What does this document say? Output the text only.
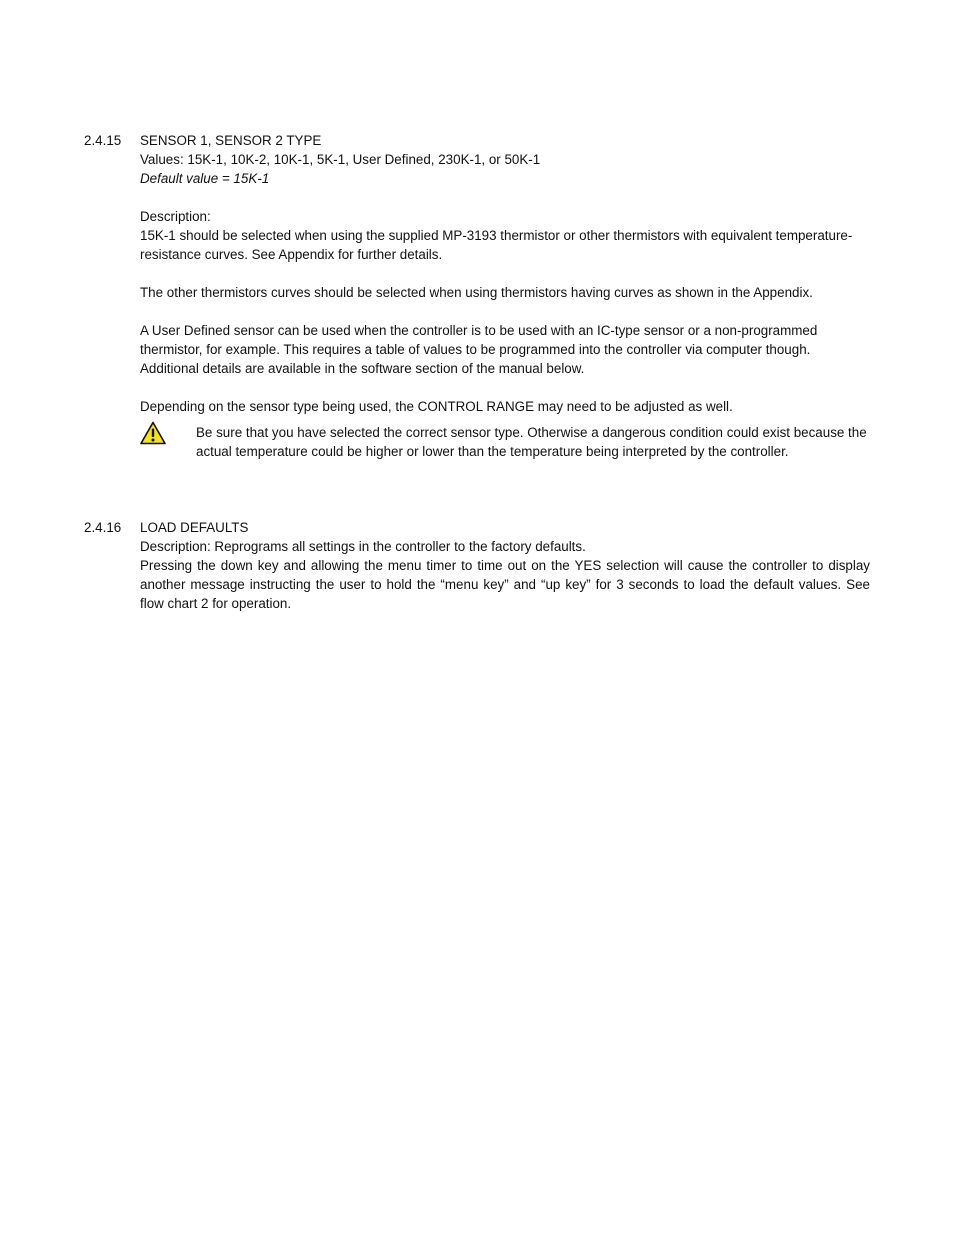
2.4.15	SENSOR 1, SENSOR 2 TYPE
Values: 15K-1, 10K-2, 10K-1, 5K-1, User Defined, 230K-1, or 50K-1
Default value = 15K-1
Description:

15K-1 should be selected when using the supplied MP-3193 thermistor or other thermistors with equivalent temperature-resistance curves. See Appendix for further details.

The other thermistors curves should be selected when using thermistors having curves as shown in the Appendix.

A User Defined sensor can be used when the controller is to be used with an IC-type sensor or a non-programmed thermistor, for example. This requires a table of values to be programmed into the controller via computer though. Additional details are available in the software section of the manual below.

Depending on the sensor type being used, the CONTROL RANGE may need to be adjusted as well.

Be sure that you have selected the correct sensor type. Otherwise a dangerous condition could exist because the actual temperature could be higher or lower than the temperature being interpreted by the controller.
2.4.16	LOAD DEFAULTS
Description: Reprograms all settings in the controller to the factory defaults.

Pressing the down key and allowing the menu timer to time out on the YES selection will cause the controller to display another message instructing the user to hold the “menu key” and “up key” for 3 seconds to load the default values. See flow chart 2 for operation.
